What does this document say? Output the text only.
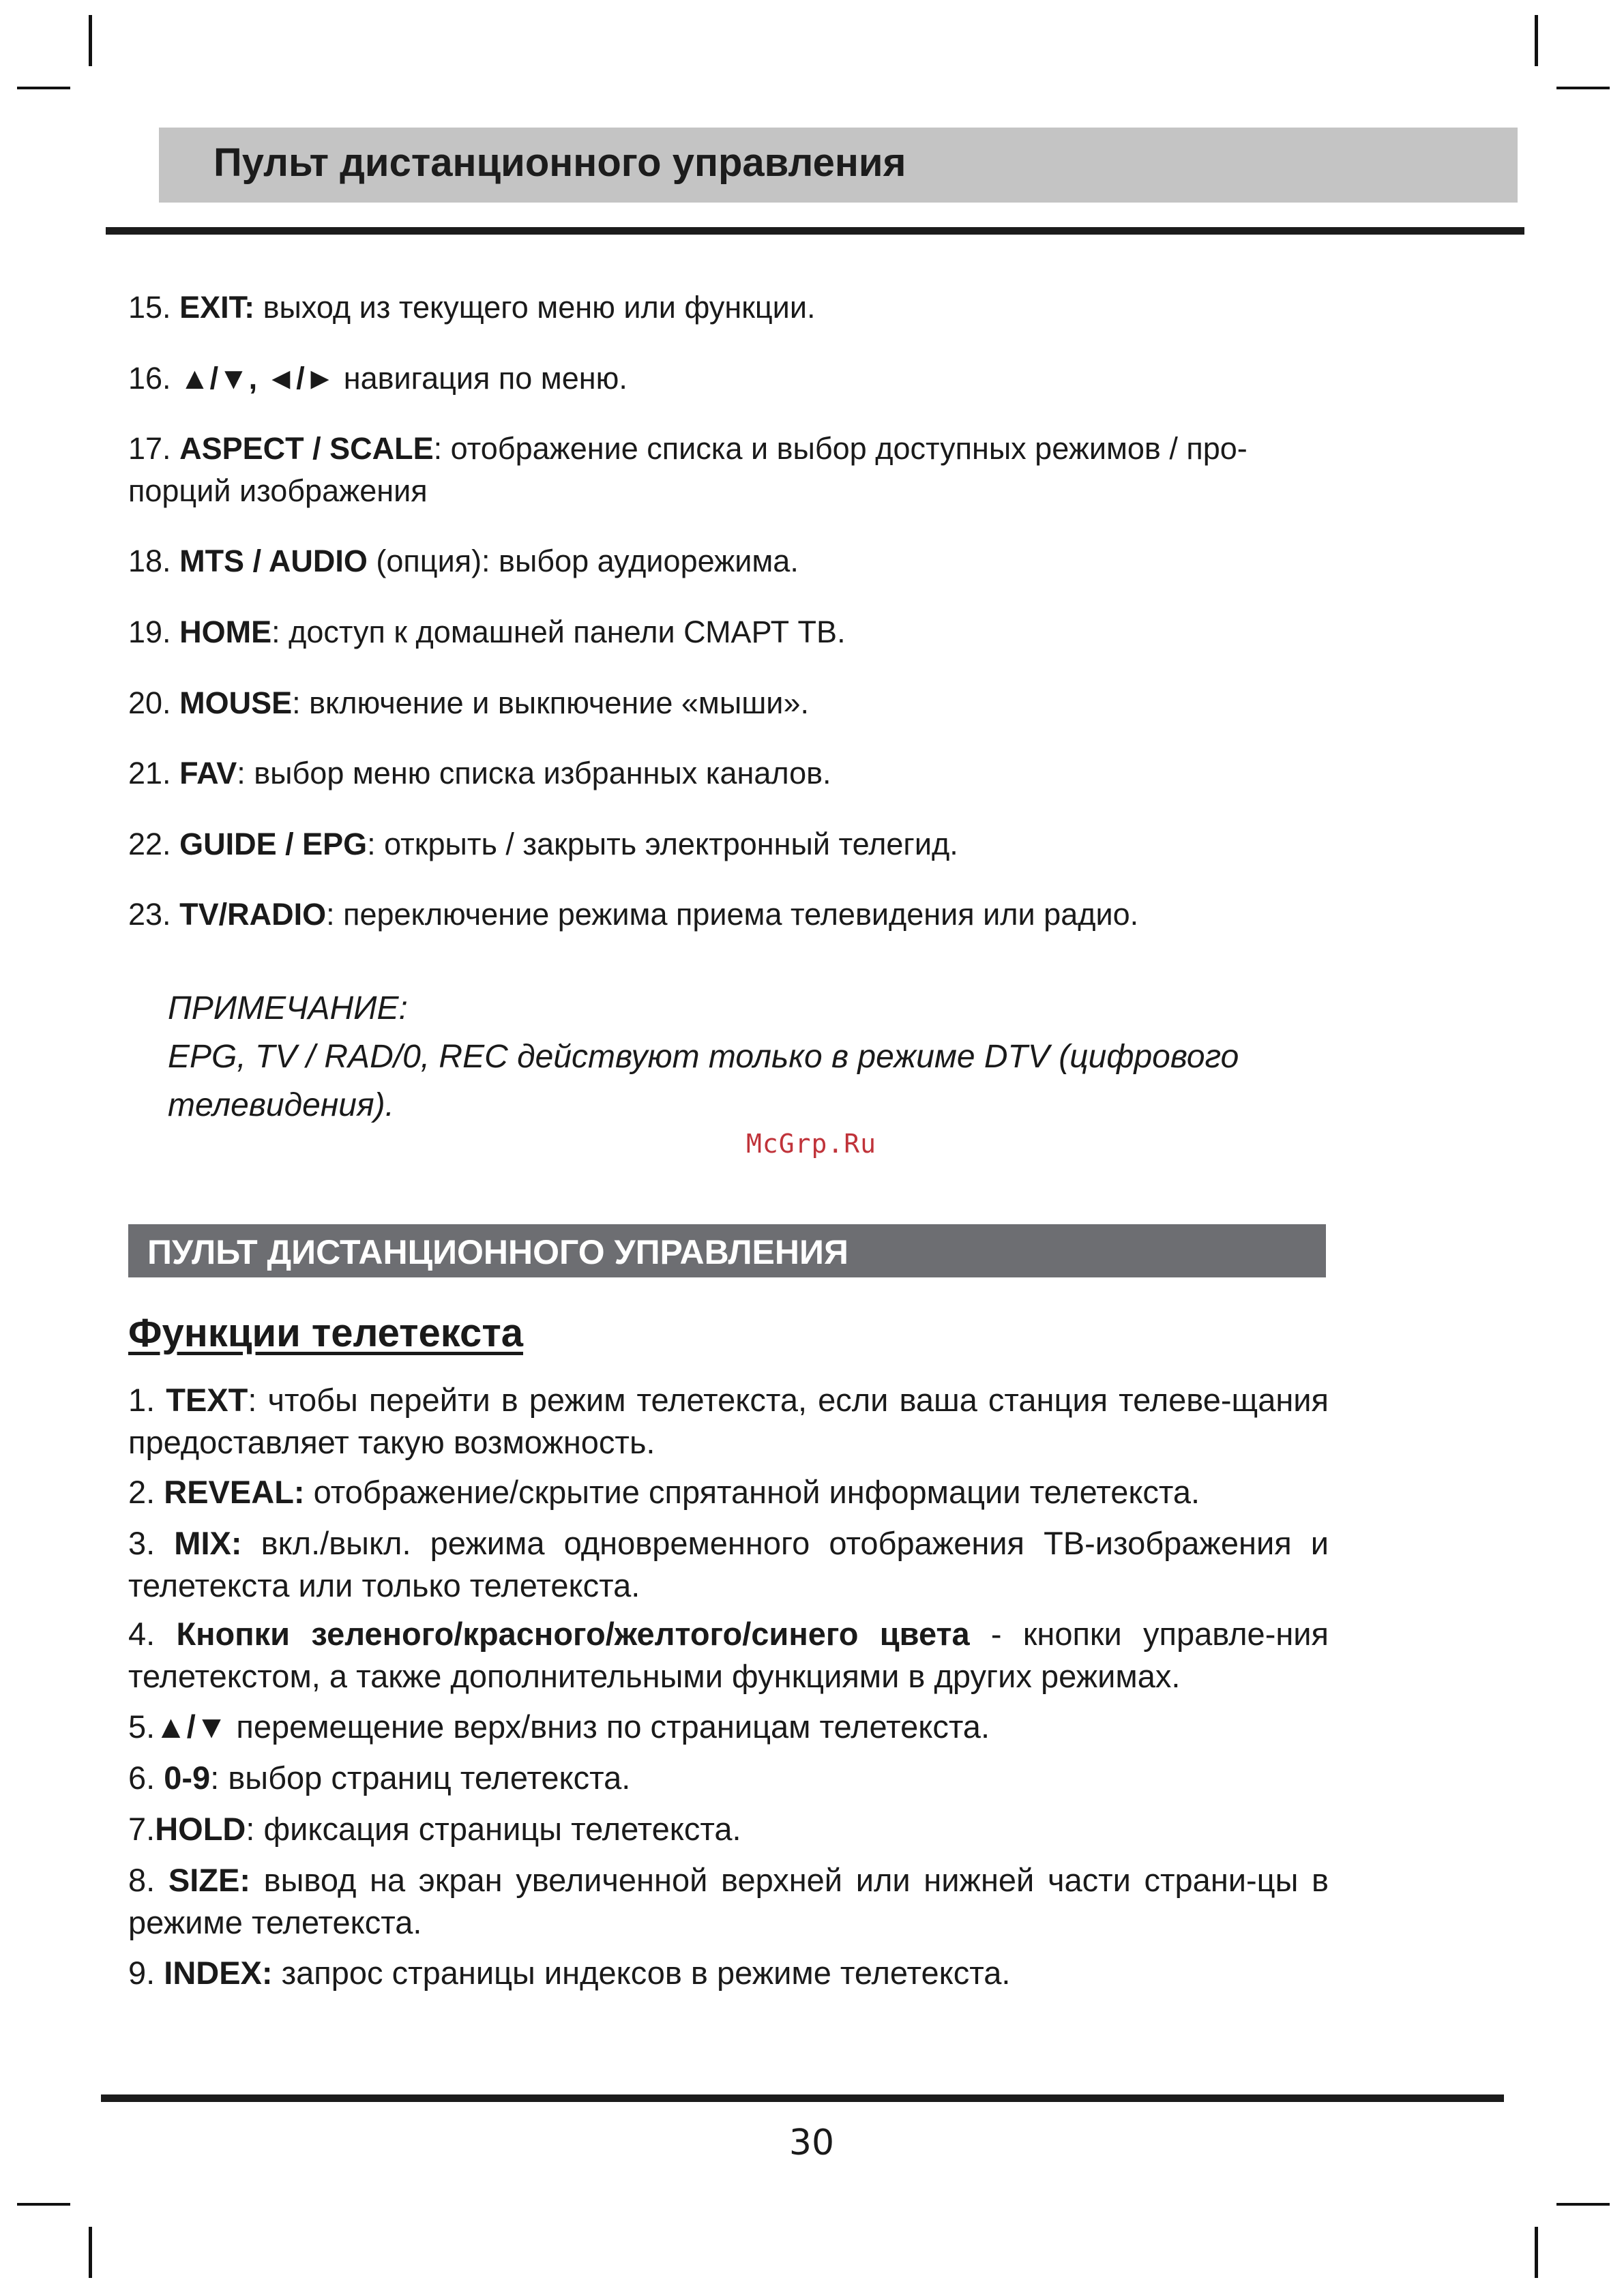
Пульт дистанционного управления
15. EXIT: выход из текущего меню или функции.
16. ▲/▼, ◄/► навигация по меню.
17. ASPECT / SCALE: отображение списка и выбор доступных режимов / про-порций изображения
18. MTS / AUDIO (опция): выбор аудиорежима.
19. HOME: доступ к домашней панели СМАРТ ТВ.
20. MOUSE: включение и выкпючение «мыши».
21. FAV: выбор меню списка избранных каналов.
22. GUIDE / EPG: открыть / закрыть электронный телегид.
23. TV/RADIO: переключение режима приема телевидения или радио.
ПРИМЕЧАНИЕ:
EPG, TV / RAD/0, REC действуют только в режиме DTV (цифрового
телевидения).
McGrp.Ru
ПУЛЬТ ДИСТАНЦИОННОГО УПРАВЛЕНИЯ
Функции телетекста
1. TEXT: чтобы перейти в режим телетекста, если ваша станция телеве-щания предоставляет такую возможность.
2. REVEAL: отображение/скрытие спрятанной информации телетекста.
3. MIX: вкл./выкл. режима одновременного отображения ТВ-изображения и телетекста или только телетекста.
4. Кнопки зеленого/красного/желтого/синего цвета - кнопки управле-ния телетекстом, а также дополнительными функциями в других режимах.
5.▲/▼ перемещение верх/вниз по страницам телетекста.
6. 0-9: выбор страниц телетекста.
7.HOLD: фиксация страницы телетекста.
8. SIZE: вывод на экран увеличенной верхней или нижней части страни-цы в режиме телетекста.
9. INDEX: запрос страницы индексов в режиме телетекста.
30
